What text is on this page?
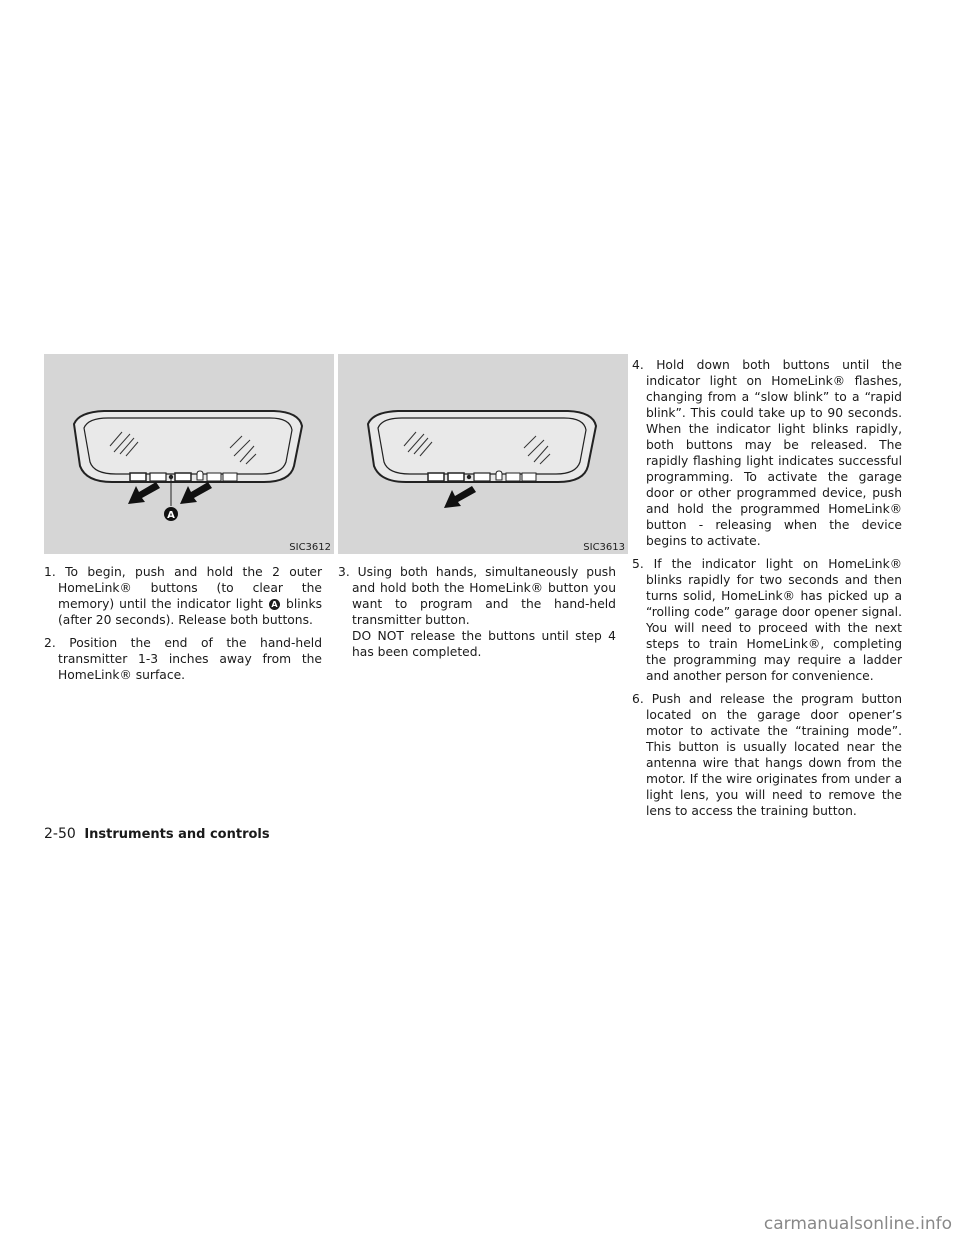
A
SIC3612	SIC3613

1. To begin, push and hold the 2 outer HomeLink® buttons (to clear the memory) until the indicator light A blinks (after 20 seconds). Release both buttons.

2. Position the end of the hand-held transmitter 1-3 inches away from the HomeLink® surface.

3. Using both hands, simultaneously push and hold both the HomeLink® button you want to program and the hand-held transmitter button.
DO NOT release the buttons until step 4 has been completed.

4. Hold down both buttons until the indicator light on HomeLink® flashes, changing from a “slow blink” to a “rapid blink”. This could take up to 90 seconds. When the indicator light blinks rapidly, both buttons may be released. The rapidly flashing light indicates successful programming. To activate the garage door or other programmed device, push and hold the programmed HomeLink® button - releasing when the device begins to activate.

5. If the indicator light on HomeLink® blinks rapidly for two seconds and then turns solid, HomeLink® has picked up a “rolling code” garage door opener signal. You will need to proceed with the next steps to train HomeLink®, completing the programming may require a ladder and another person for convenience.

6. Push and release the program button located on the garage door opener’s motor to activate the “training mode”. This button is usually located near the antenna wire that hangs down from the motor. If the wire originates from under a light lens, you will need to remove the lens to access the training button.

2-50 Instruments and controls
carmanualsonline.info
